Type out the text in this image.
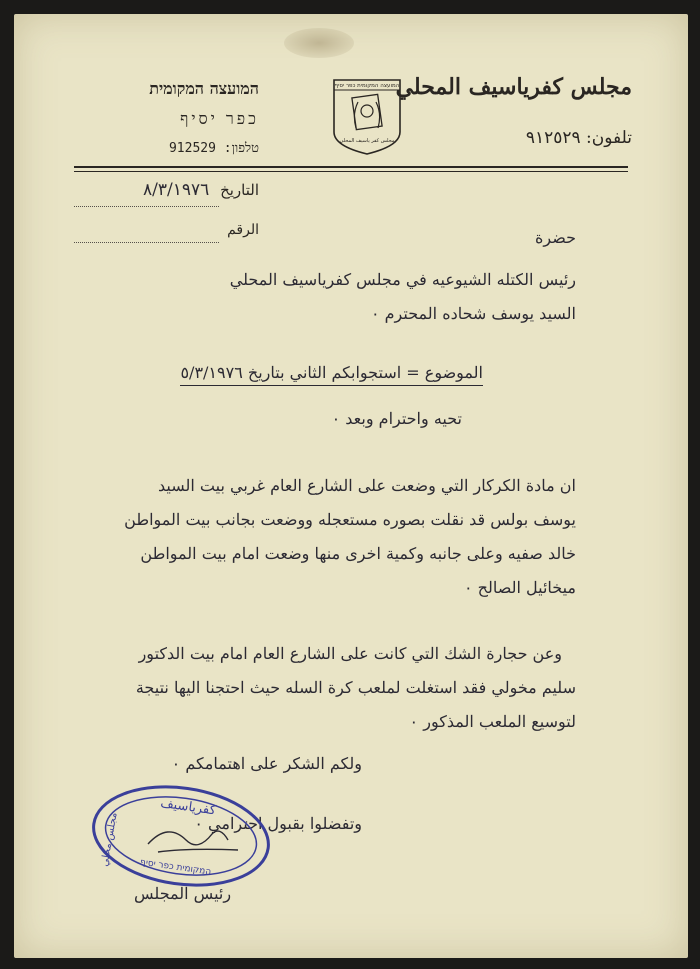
مجلس كفرياسيف المحلي
تلفون: ٩١٢٥٢٩
המועצה המקומית
כפר יסיף
טלפון: 912529
המועצה המקומית כפר יסיף
مجلس كفر ياسيف المحلي
التاريخ ٨/٣/١٩٧٦
الرقم	حضرة
رئيس الكتله الشيوعيه في مجلس كفرياسيف المحلي
السيد يوسف شحاده المحترم ٠
الموضوع = استجوابكم الثاني بتاريخ ٥/٣/١٩٧٦
تحيه واحترام وبعد ٠
ان مادة الكركار التي وضعت على الشارع العام غربي بيت السيد
يوسف بولس قد نقلت بصوره مستعجله ووضعت بجانب بيت المواطن
خالد صفيه وعلى جانبه وكمية اخرى منها وضعت امام بيت المواطن
ميخائيل الصالح ٠
وعن حجارة الشك التي كانت على الشارع العام امام بيت الدكتور
سليم مخولي فقد استغلت لملعب كرة السله حيث احتجنا اليها نتيجة
لتوسيع الملعب المذكور ٠
ولكم الشكر على اهتمامكم ٠
وتفضلوا بقبول احترامي ٠
كفرياسيف
המקומית כפר יסיף
مجلس محلي
رئيس المجلس
